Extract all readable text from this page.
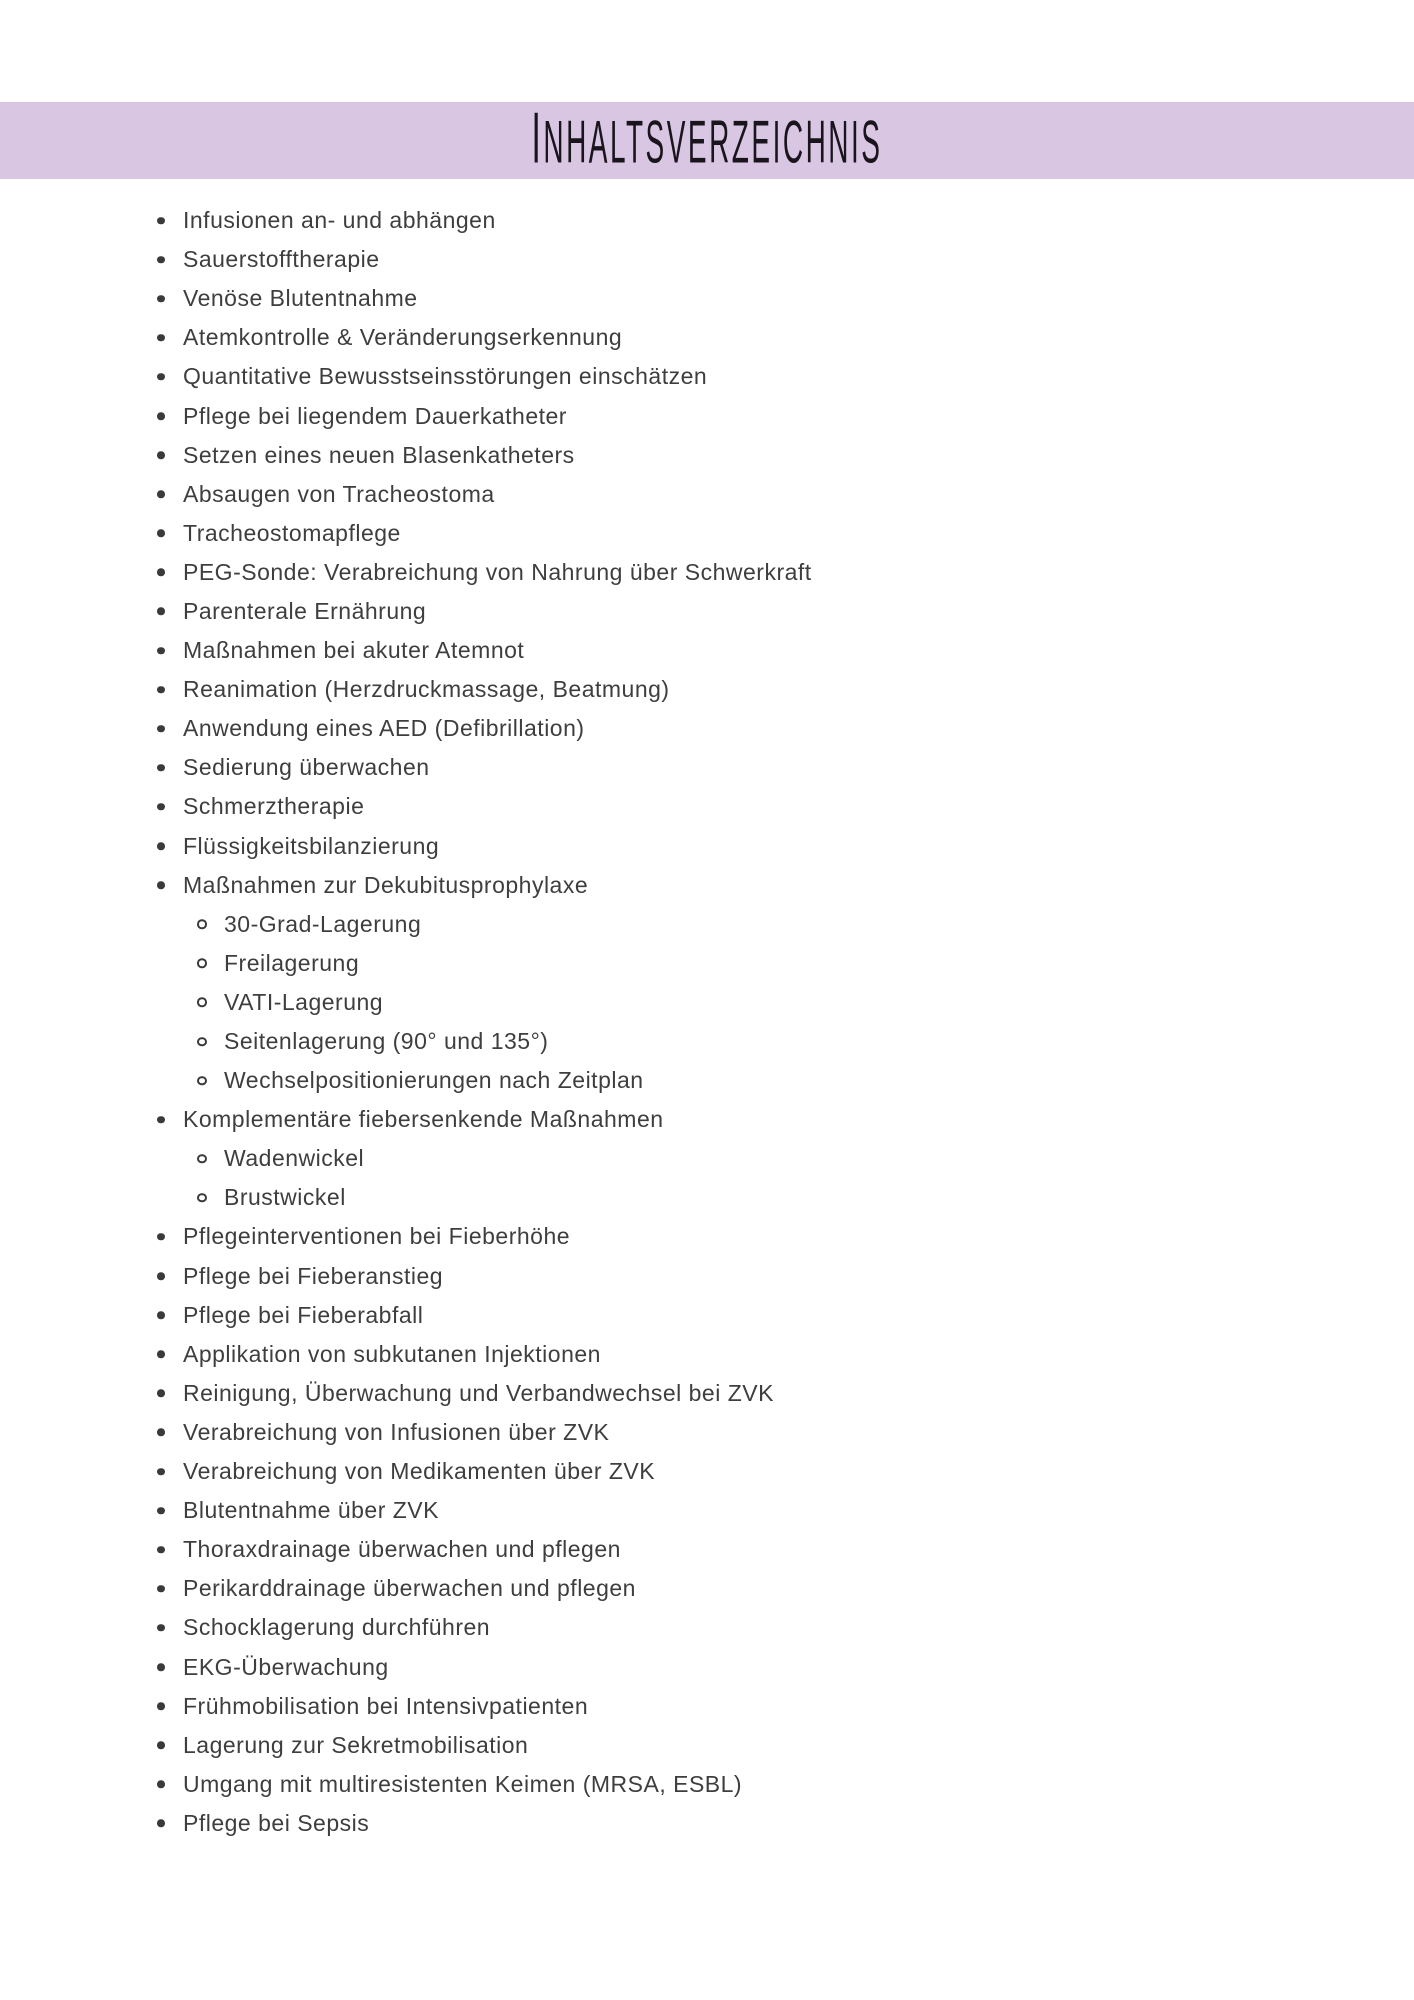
INHALTSVERZEICHNIS
Infusionen an- und abhängen
Sauerstofftherapie
Venöse Blutentnahme
Atemkontrolle & Veränderungserkennung
Quantitative Bewusstseinsstörungen einschätzen
Pflege bei liegendem Dauerkatheter
Setzen eines neuen Blasenkatheters
Absaugen von Tracheostoma
Tracheostomapflege
PEG-Sonde: Verabreichung von Nahrung über Schwerkraft
Parenterale Ernährung
Maßnahmen bei akuter Atemnot
Reanimation (Herzdruckmassage, Beatmung)
Anwendung eines AED (Defibrillation)
Sedierung überwachen
Schmerztherapie
Flüssigkeitsbilanzierung
Maßnahmen zur Dekubitusprophylaxe
30-Grad-Lagerung
Freilagerung
VATI-Lagerung
Seitenlagerung (90° und 135°)
Wechselpositionierungen nach Zeitplan
Komplementäre fiebersenkende Maßnahmen
Wadenwickel
Brustwickel
Pflegeinterventionen bei Fieberhöhe
Pflege bei Fieberanstieg
Pflege bei Fieberabfall
Applikation von subkutanen Injektionen
Reinigung, Überwachung und Verbandwechsel bei ZVK
Verabreichung von Infusionen über ZVK
Verabreichung von Medikamenten über ZVK
Blutentnahme über ZVK
Thoraxdrainage überwachen und pflegen
Perikarddrainage überwachen und pflegen
Schocklagerung durchführen
EKG-Überwachung
Frühmobilisation bei Intensivpatienten
Lagerung zur Sekretmobilisation
Umgang mit multiresistenten Keimen (MRSA, ESBL)
Pflege bei Sepsis
